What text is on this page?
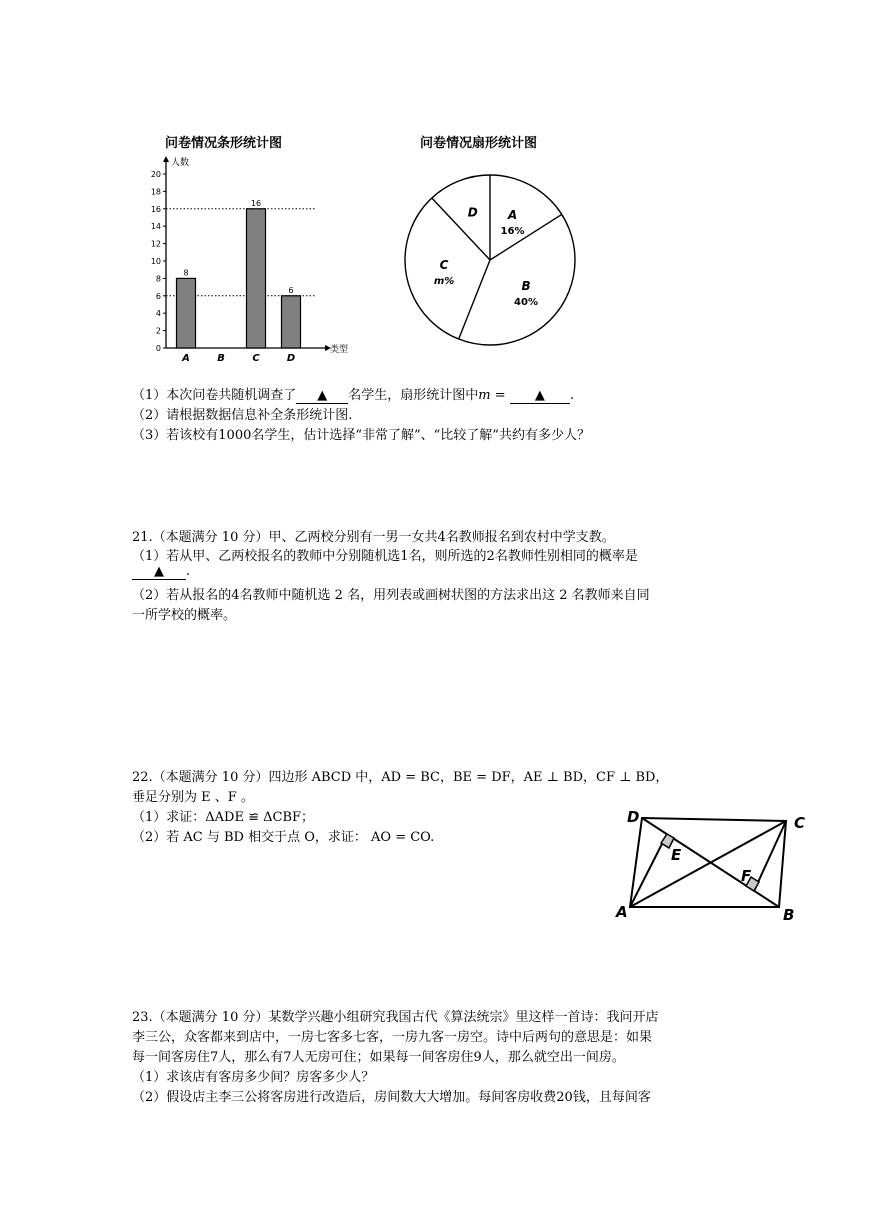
问卷情况条形统计图	问卷情况扇形统计图
人数
类型
0
2
4
6
8
10
12
14
16
18
20
A
8
B	C
16
D
6
A
16%
B
40%
C
m%
D
（1）本次问卷共随机调查了 ▲ 名学生，扇形统计图中m = ▲ .
（2）请根据数据信息补全条形统计图.
（3）若该校有1000名学生，估计选择“非常了解”、“比较了解”共约有多少人？
21.（本题满分 10 分）甲、乙两校分别有一男一女共4名教师报名到农村中学支教。
（1）若从甲、乙两校报名的教师中分别随机选1名，则所选的2名教师性别相同的概率是
▲ .
（2）若从报名的4名教师中随机选 2 名，用列表或画树状图的方法求出这 2 名教师来自同
一所学校的概率。
22.（本题满分 10 分）四边形 ABCD 中，AD = BC，BE = DF，AE ⊥ BD，CF ⊥ BD，
垂足分别为 E 、F 。
（1）求证：ΔADE ≌ ΔCBF；
（2）若 AC 与 BD 相交于点 O，求证： AO = CO.
D	C
A	B
E
F
23.（本题满分 10 分）某数学兴趣小组研究我国古代《算法统宗》里这样一首诗：我问开店
李三公，众客都来到店中，一房七客多七客，一房九客一房空。诗中后两句的意思是：如果
每一间客房住7人，那么有7人无房可住；如果每一间客房住9人，那么就空出一间房。
（1）求该店有客房多少间？房客多少人？
（2）假设店主李三公将客房进行改造后，房间数大大增加。每间客房收费20钱，且每间客
